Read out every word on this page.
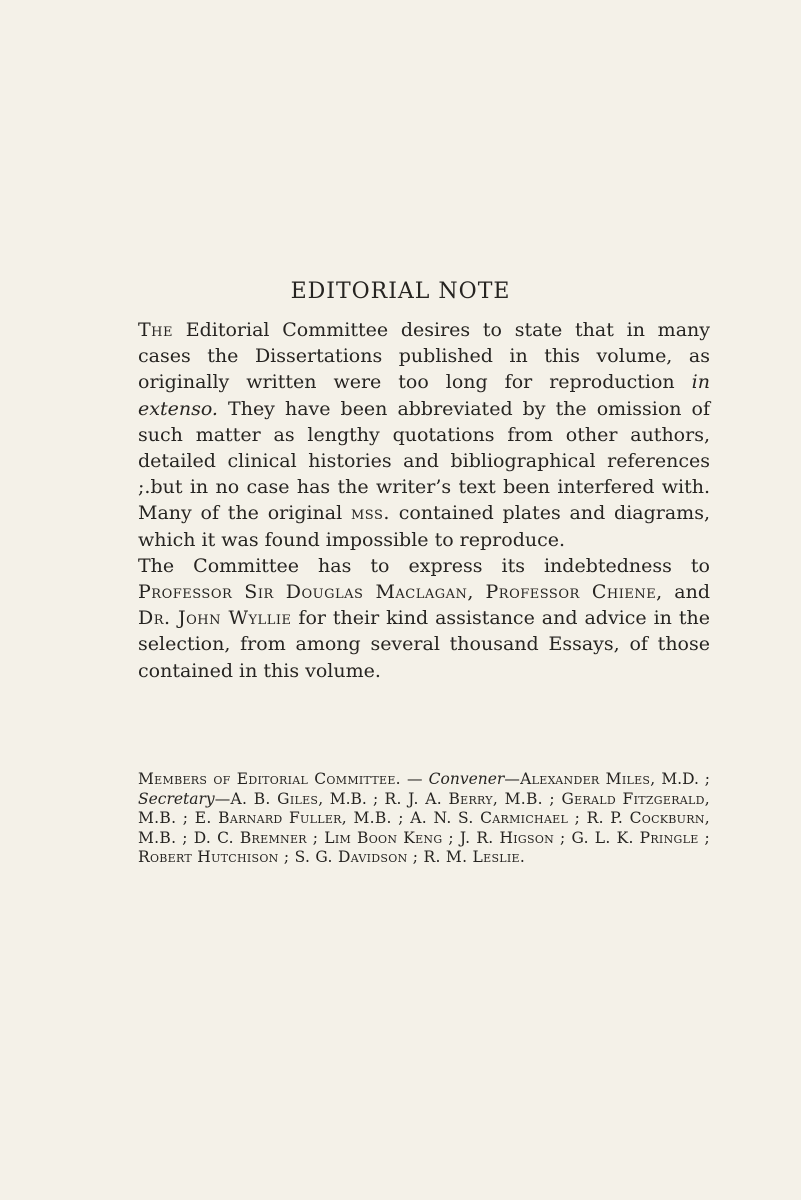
EDITORIAL NOTE

The Editorial Committee desires to state that in many cases the Dissertations published in this volume, as originally written were too long for reproduction in extenso. They have been abbreviated by the omission of such matter as lengthy quotations from other authors, detailed clinical histories and bibliographical references ;.but in no case has the writer’s text been interfered with. Many of the original mss. contained plates and diagrams, which it was found impossible to reproduce.

The Committee has to express its indebtedness to Professor Sir Douglas Maclagan, Professor Chiene, and Dr. John Wyllie for their kind assistance and advice in the selection, from among several thousand Essays, of those contained in this volume.

Members of Editorial Committee. — Convener—Alexander Miles, M.D. ; Secretary—A. B. Giles, M.B. ; R. J. A. Berry, M.B. ; Gerald Fitzgerald, M.B. ; E. Barnard Fuller, M.B. ; A. N. S. Carmichael ; R. P. Cockburn, M.B. ; D. C. Bremner ; Lim Boon Keng ; J. R. Higson ; G. L. K. Pringle ; Robert Hutchison ; S. G. Davidson ; R. M. Leslie.
